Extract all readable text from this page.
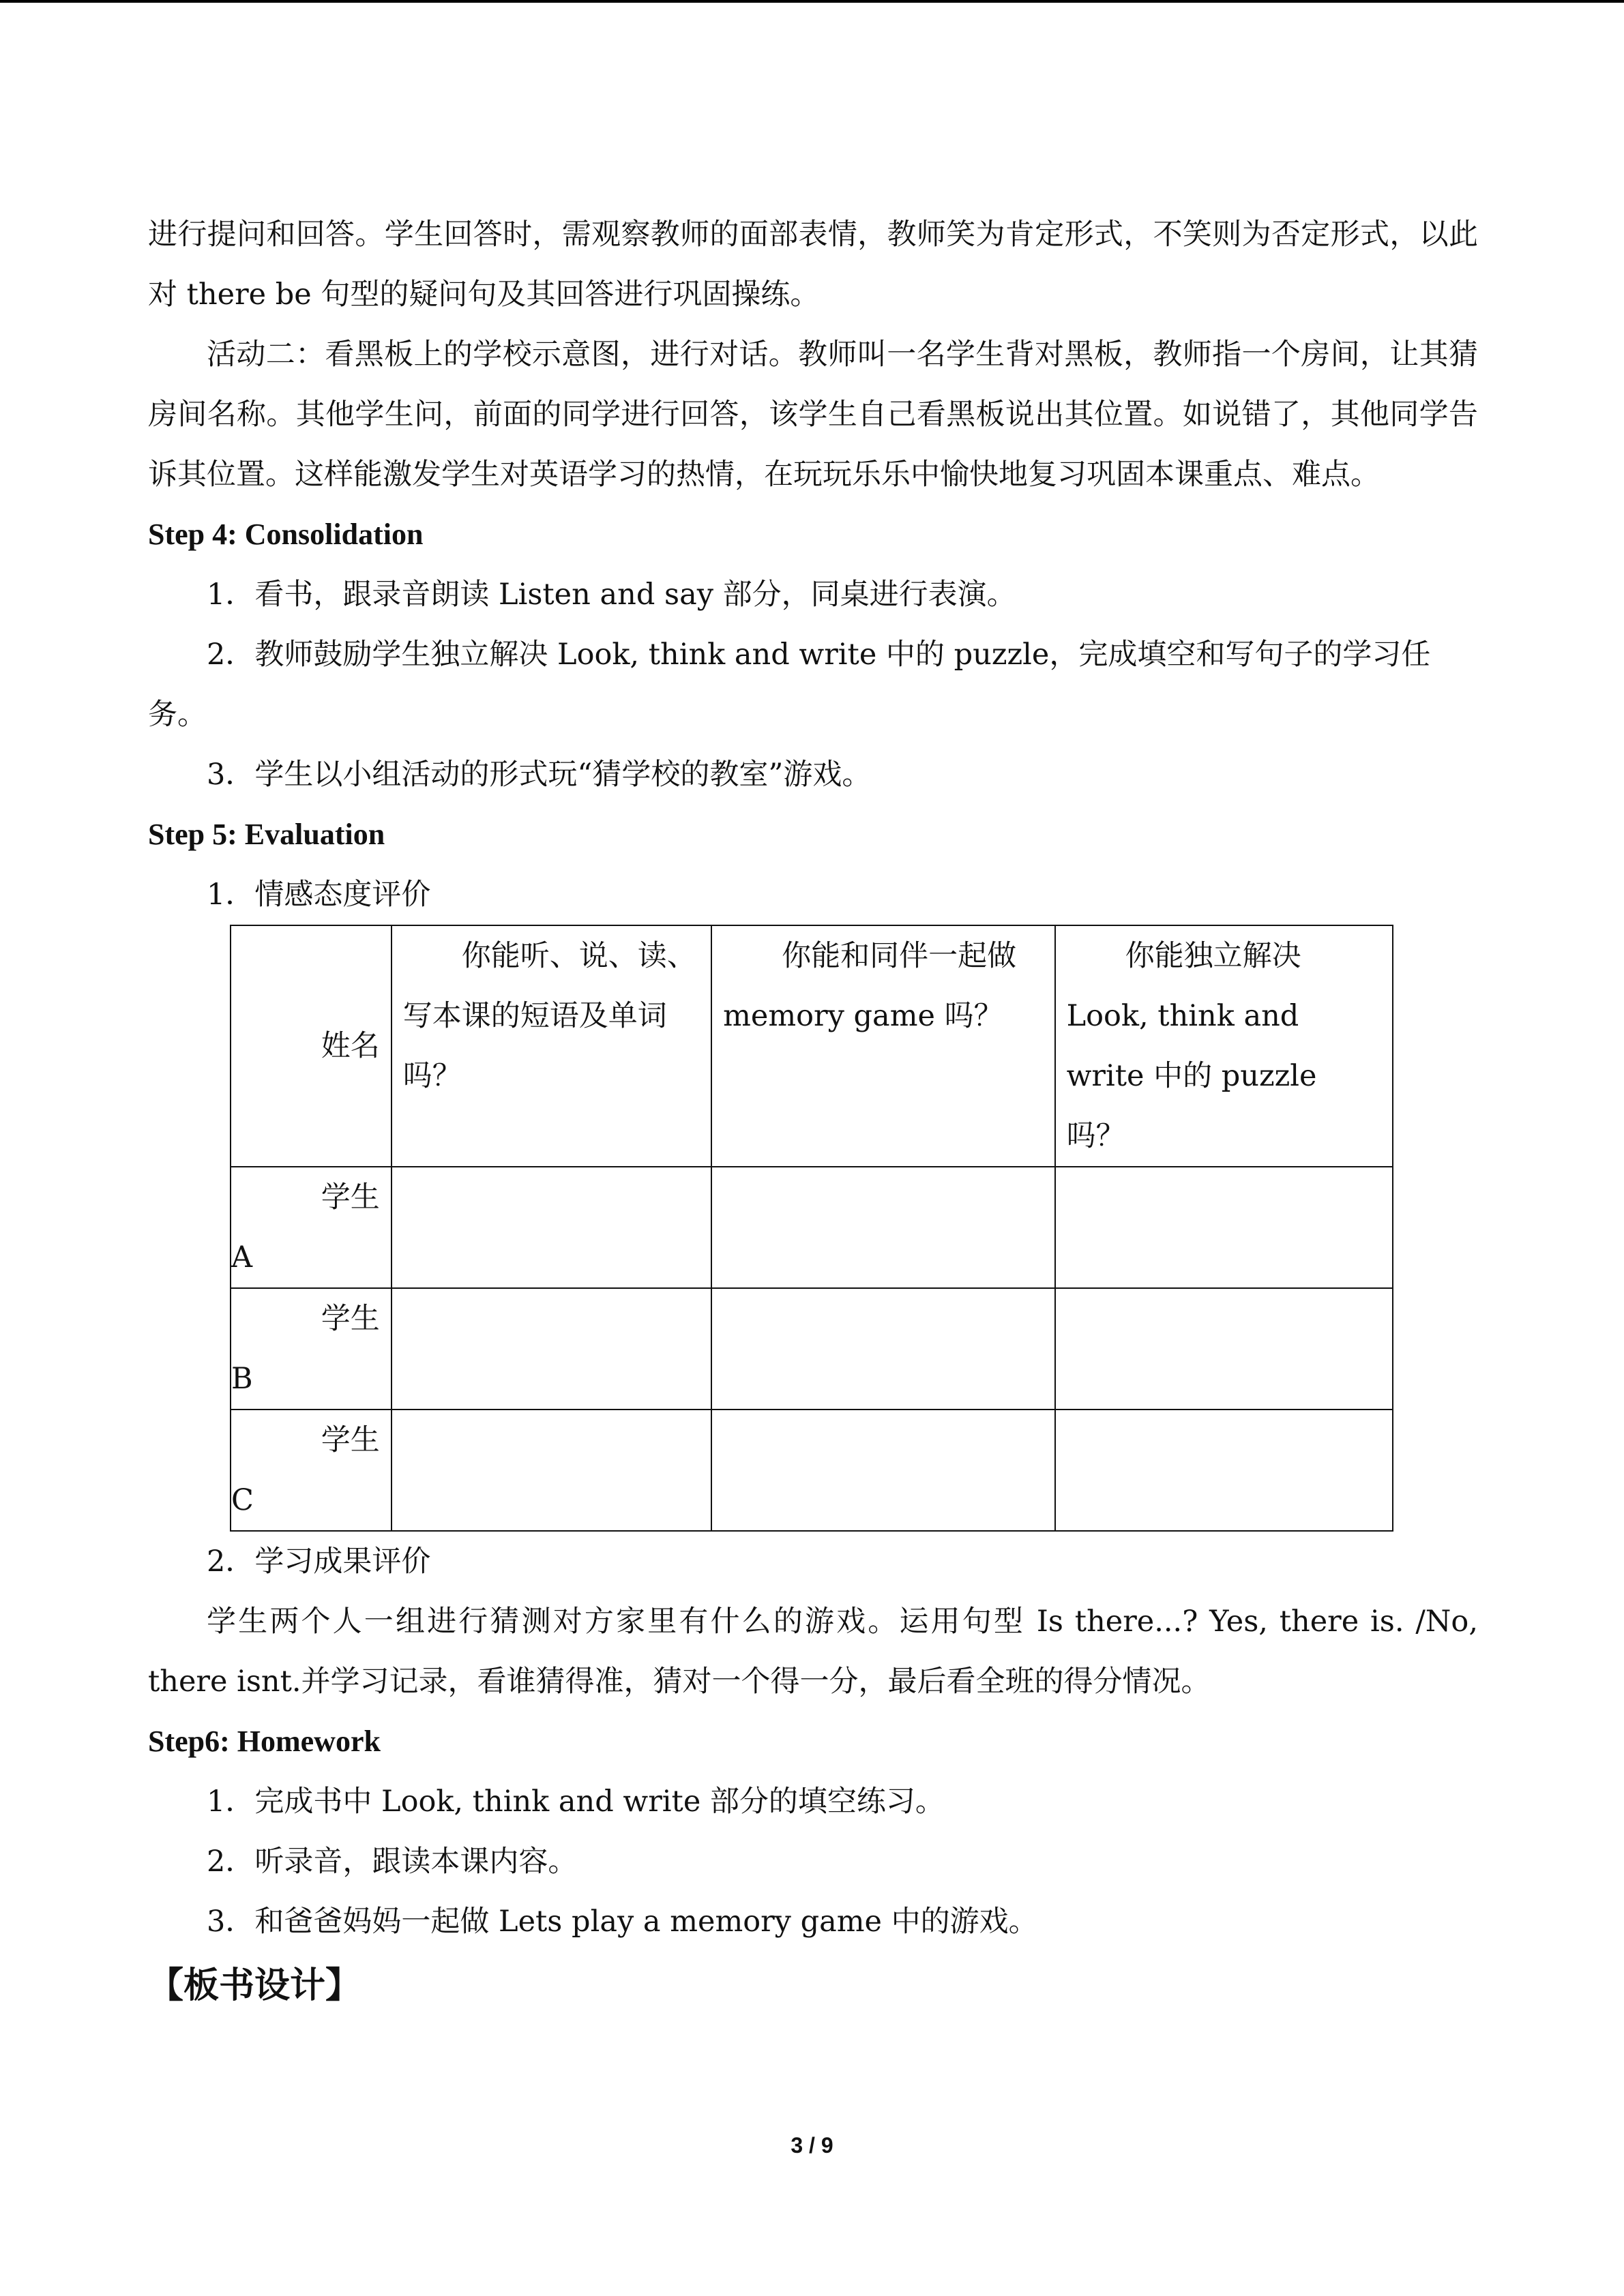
进行提问和回答。学生回答时，需观察教师的面部表情，教师笑为肯定形式，不笑则为否定形式，以此对 there be 句型的疑问句及其回答进行巩固操练。

活动二：看黑板上的学校示意图，进行对话。教师叫一名学生背对黑板，教师指一个房间，让其猜房间名称。其他学生问，前面的同学进行回答，该学生自己看黑板说出其位置。如说错了，其他同学告诉其位置。这样能激发学生对英语学习的热情，在玩玩乐乐中愉快地复习巩固本课重点、难点。

Step 4: Consolidation

1．看书，跟录音朗读 Listen and say 部分，同桌进行表演。

2．教师鼓励学生独立解决 Look, think and write 中的 puzzle，完成填空和写句子的学习任务。

3．学生以小组活动的形式玩“猜学校的教室”游戏。

Step 5: Evaluation

1．情感态度评价

姓名	你能听、说、读、写本课的短语及单词吗？	你能和同伴一起做 memory game 吗？	你能独立解决 Look, think and write 中的 puzzle 吗？

学生
A			

学生
B			

学生
C			

2．学习成果评价

学生两个人一组进行猜测对方家里有什么的游戏。运用句型 Is there...? Yes, there is. /No, there isnt.并学习记录，看谁猜得准，猜对一个得一分，最后看全班的得分情况。

Step6: Homework

1．完成书中 Look, think and write 部分的填空练习。

2．听录音，跟读本课内容。

3．和爸爸妈妈一起做 Lets play a memory game 中的游戏。

【板书设计】

3 / 9
